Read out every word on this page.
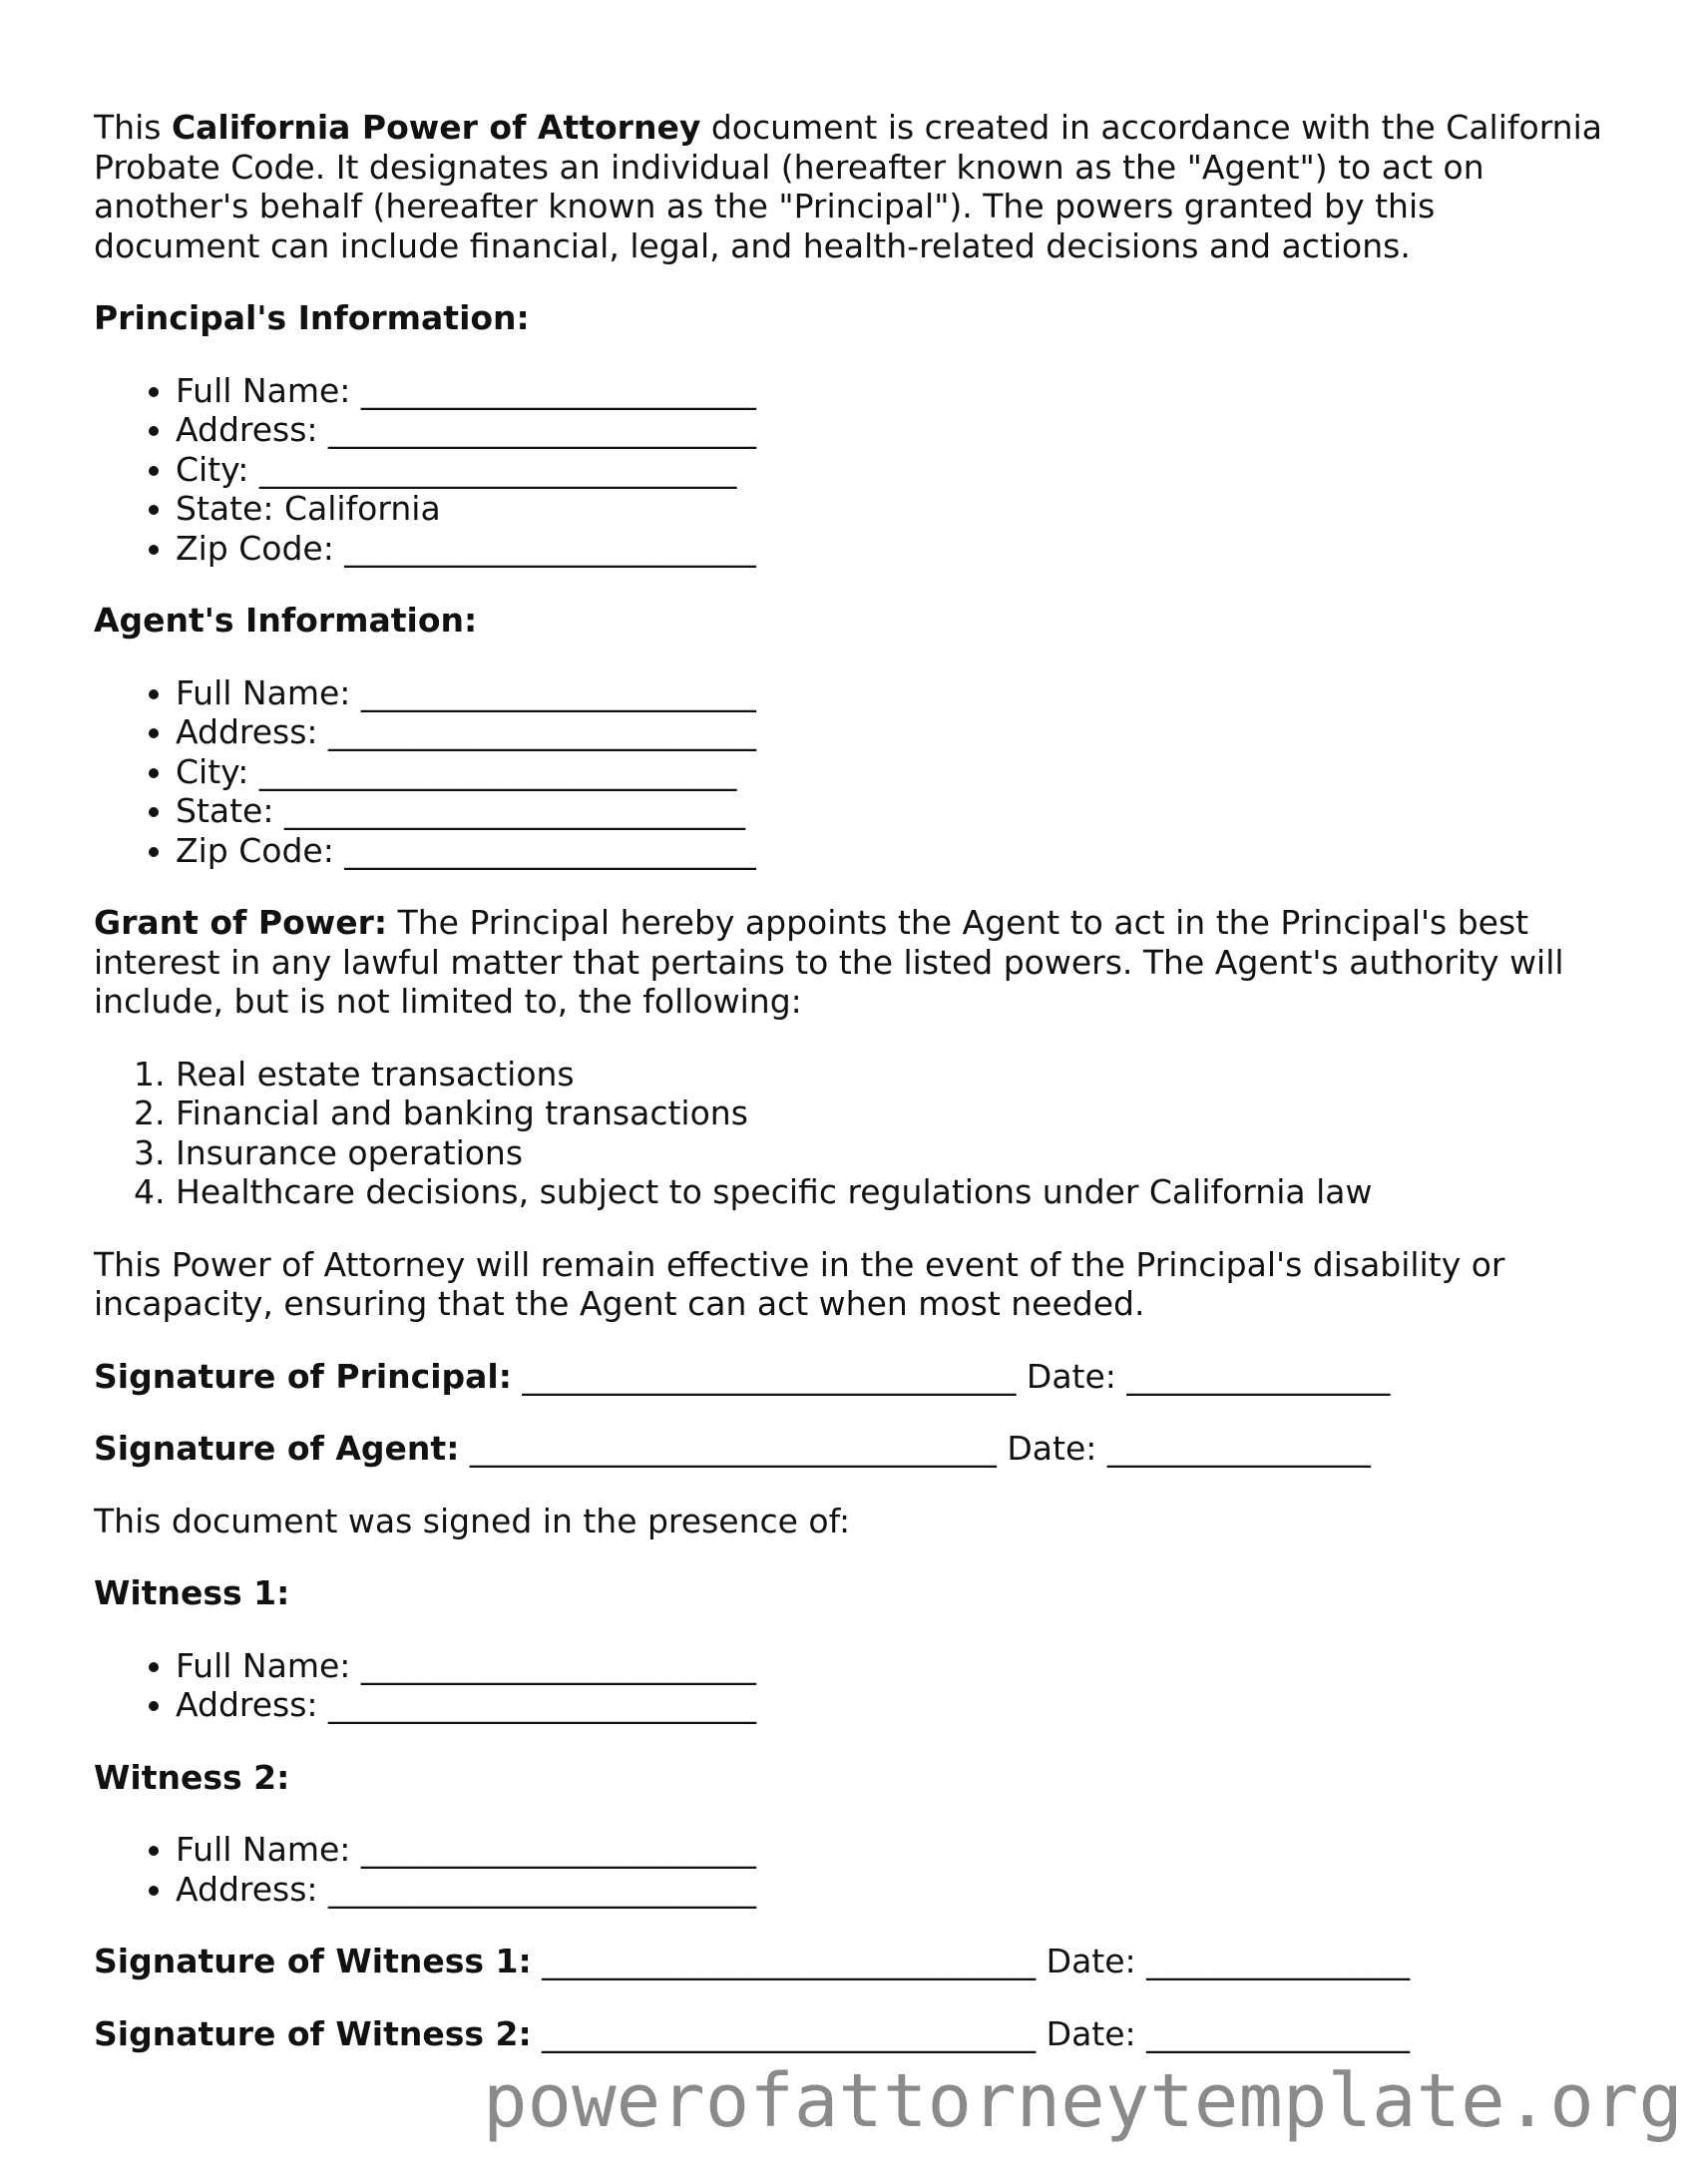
This California Power of Attorney document is created in accordance with the California Probate Code. It designates an individual (hereafter known as the "Agent") to act on another's behalf (hereafter known as the "Principal"). The powers granted by this document can include financial, legal, and health-related decisions and actions.

Principal's Information:

• Full Name: ________________________
• Address: __________________________
• City: _____________________________
• State: California
• Zip Code: _________________________

Agent's Information:

• Full Name: ________________________
• Address: __________________________
• City: _____________________________
• State: ____________________________
• Zip Code: _________________________

Grant of Power: The Principal hereby appoints the Agent to act in the Principal's best interest in any lawful matter that pertains to the listed powers. The Agent's authority will include, but is not limited to, the following:

1. Real estate transactions
2. Financial and banking transactions
3. Insurance operations
4. Healthcare decisions, subject to specific regulations under California law

This Power of Attorney will remain effective in the event of the Principal's disability or incapacity, ensuring that the Agent can act when most needed.

Signature of Principal: ______________________________ Date: ________________

Signature of Agent: ________________________________ Date: ________________

This document was signed in the presence of:

Witness 1:

• Full Name: ________________________
• Address: __________________________

Witness 2:

• Full Name: ________________________
• Address: __________________________

Signature of Witness 1: ______________________________ Date: ________________

Signature of Witness 2: ______________________________ Date: ________________

powerofattorneytemplate.org
